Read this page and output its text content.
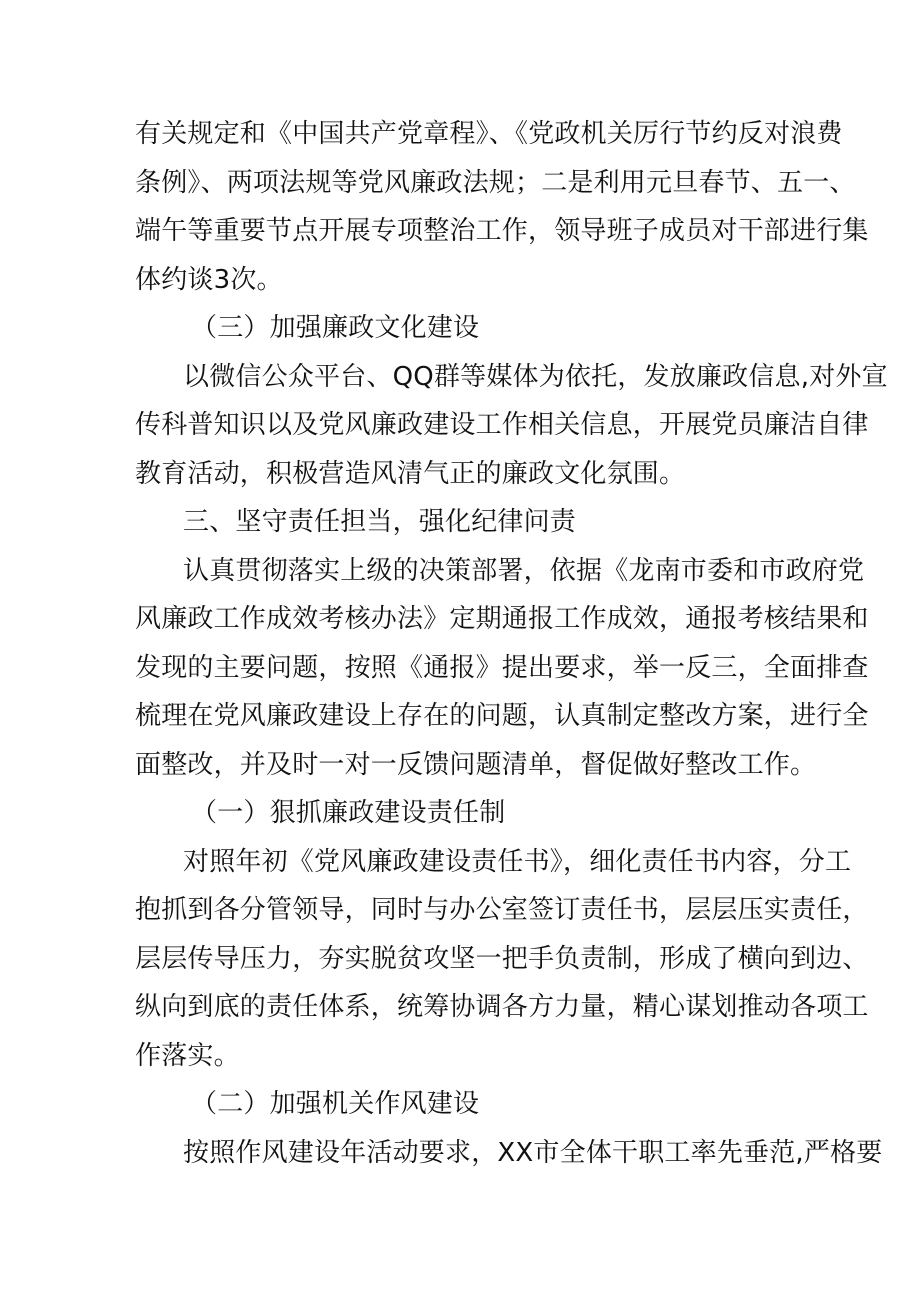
有关规定和《中国共产党章程》、《党政机关厉行节约反对浪费
条例》、两项法规等党风廉政法规；二是利用元旦春节、五一、
端午等重要节点开展专项整治工作，领导班子成员对干部进行集
体约谈3次。
（三）加强廉政文化建设
以微信公众平台、QQ群等媒体为依托，发放廉政信息,对外宣
传科普知识以及党风廉政建设工作相关信息，开展党员廉洁自律
教育活动，积极营造风清气正的廉政文化氛围。
三、坚守责任担当，强化纪律问责
认真贯彻落实上级的决策部署，依据《龙南市委和市政府党
风廉政工作成效考核办法》定期通报工作成效，通报考核结果和
发现的主要问题，按照《通报》提出要求，举一反三，全面排查
梳理在党风廉政建设上存在的问题，认真制定整改方案，进行全
面整改，并及时一对一反馈问题清单，督促做好整改工作。
（一）狠抓廉政建设责任制
对照年初《党风廉政建设责任书》，细化责任书内容，分工
抱抓到各分管领导，同时与办公室签订责任书，层层压实责任，
层层传导压力，夯实脱贫攻坚一把手负责制，形成了横向到边、
纵向到底的责任体系，统筹协调各方力量，精心谋划推动各项工
作落实。
（二）加强机关作风建设
按照作风建设年活动要求，XX市全体干职工率先垂范,严格要
